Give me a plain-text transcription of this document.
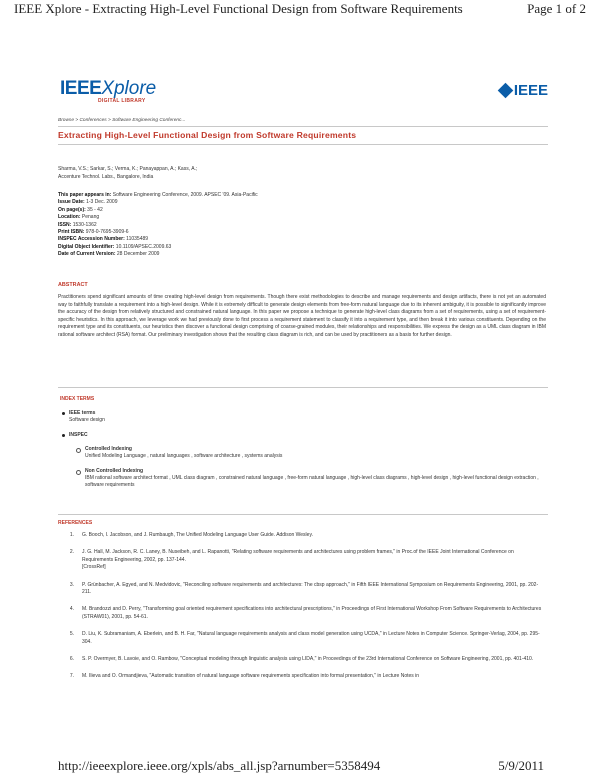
IEEE Xplore - Extracting High-Level Functional Design from Software Requirements	Page 1 of 2
IEEEXplore
DIGITAL LIBRARY
IEEE
Browse > Conferences > Software Engineering Conferenc...
Extracting High-Level Functional Design from Software Requirements
Sharma, V.S.; Sarkar, S.; Verma, K.; Panayappan, A.; Kass, A.;
Accenture Technol. Labs., Bangalore, India
This paper appears in: Software Engineering Conference, 2009. APSEC '09. Asia-Pacific
Issue Date: 1-3 Dec. 2009
On page(s): 35 - 42
Location: Penang
ISSN: 1530-1362
Print ISBN: 978-0-7695-3909-6
INSPEC Accession Number: 11035489
Digital Object Identifier: 10.1109/APSEC.2009.63
Date of Current Version: 28 December 2009
ABSTRACT
Practitioners spend significant amounts of time creating high-level design from requirements. Though there exist methodologies to describe and manage requirements and design artifacts, there is not yet an automated way to faithfully translate a requirement into a high-level design. While it is extremely difficult to generate design elements from free-form natural language due to its inherent ambiguity, it is possible to significantly improve the accuracy of the design from relatively structured and constrained natural language. In this paper we propose a technique to generate high-level class diagrams from a set of requirements, using a set of requirement-specific heuristics. In this approach, we leverage work we had previously done to first process a requirement statement to classify it into a requirement type, and then break it into various constituents. Depending on the requirement type and its constituents, our heuristics then discover a functional design comprising of coarse-grained modules, their relationships and responsibilities. We express the design as a UML class diagram in IBM rational software architect (RSA) format. Our preliminary investigation shows that the resulting class diagram is rich, and can be used by practitioners as a basis for further design.
INDEX TERMS
IEEE terms
Software design
INSPEC
Controlled Indexing
Unified Modeling Language , natural languages , software architecture , systems analysis
Non Controlled Indexing
IBM rational software architect format , UML class diagram , constrained natural language , free-form natural language , high-level class diagrams , high-level design , high-level functional design extraction , software requirements
REFERENCES
1. G. Booch, I. Jacobson, and J. Rumbaugh, The Unified Modeling Language User Guide. Addison Wesley.
2. J. G. Hall, M. Jackson, R. C. Laney, B. Nuseibeh, and L. Rapanotti, "Relating software requirements and architectures using problem frames," in Proc.of the IEEE Joint International Conference on Requirements Engineering, 2002, pp. 137-144.
[CrossRef]
3. P. Grünbacher, A. Egyed, and N. Medvidovic, "Reconciling software requirements and architectures: The cbsp approach," in Fifth IEEE International Symposium on Requirements Engineering, 2001, pp. 202-211.
4. M. Brandozzi and D. Perry, "Transforming goal oriented requirement specifications into architectural prescriptions," in Proceedings of First International Workshop From Software Requirements to Architectures (STRAW01), 2001, pp. 54-61.
5. D. Liu, K. Subramaniam, A. Eberlein, and B. H. Far, "Natural language requirements analysis and class model generation using UCDA," in Lecture Notes in Computer Science. Springer-Verlag, 2004, pp. 295-304.
6. S. P. Overmyer, B. Lavoie, and O. Rambow, "Conceptual modeling through linguistic analysis using LIDA," in Proceedings of the 23rd International Conference on Software Engineering, 2001, pp. 401-410.
7. M. Ilieva and O. Ormandjieva, "Automatic transition of natural language software requirements specification into formal presentation," in Lecture Notes in
http://ieeexplore.ieee.org/xpls/abs_all.jsp?arnumber=5358494	5/9/2011
